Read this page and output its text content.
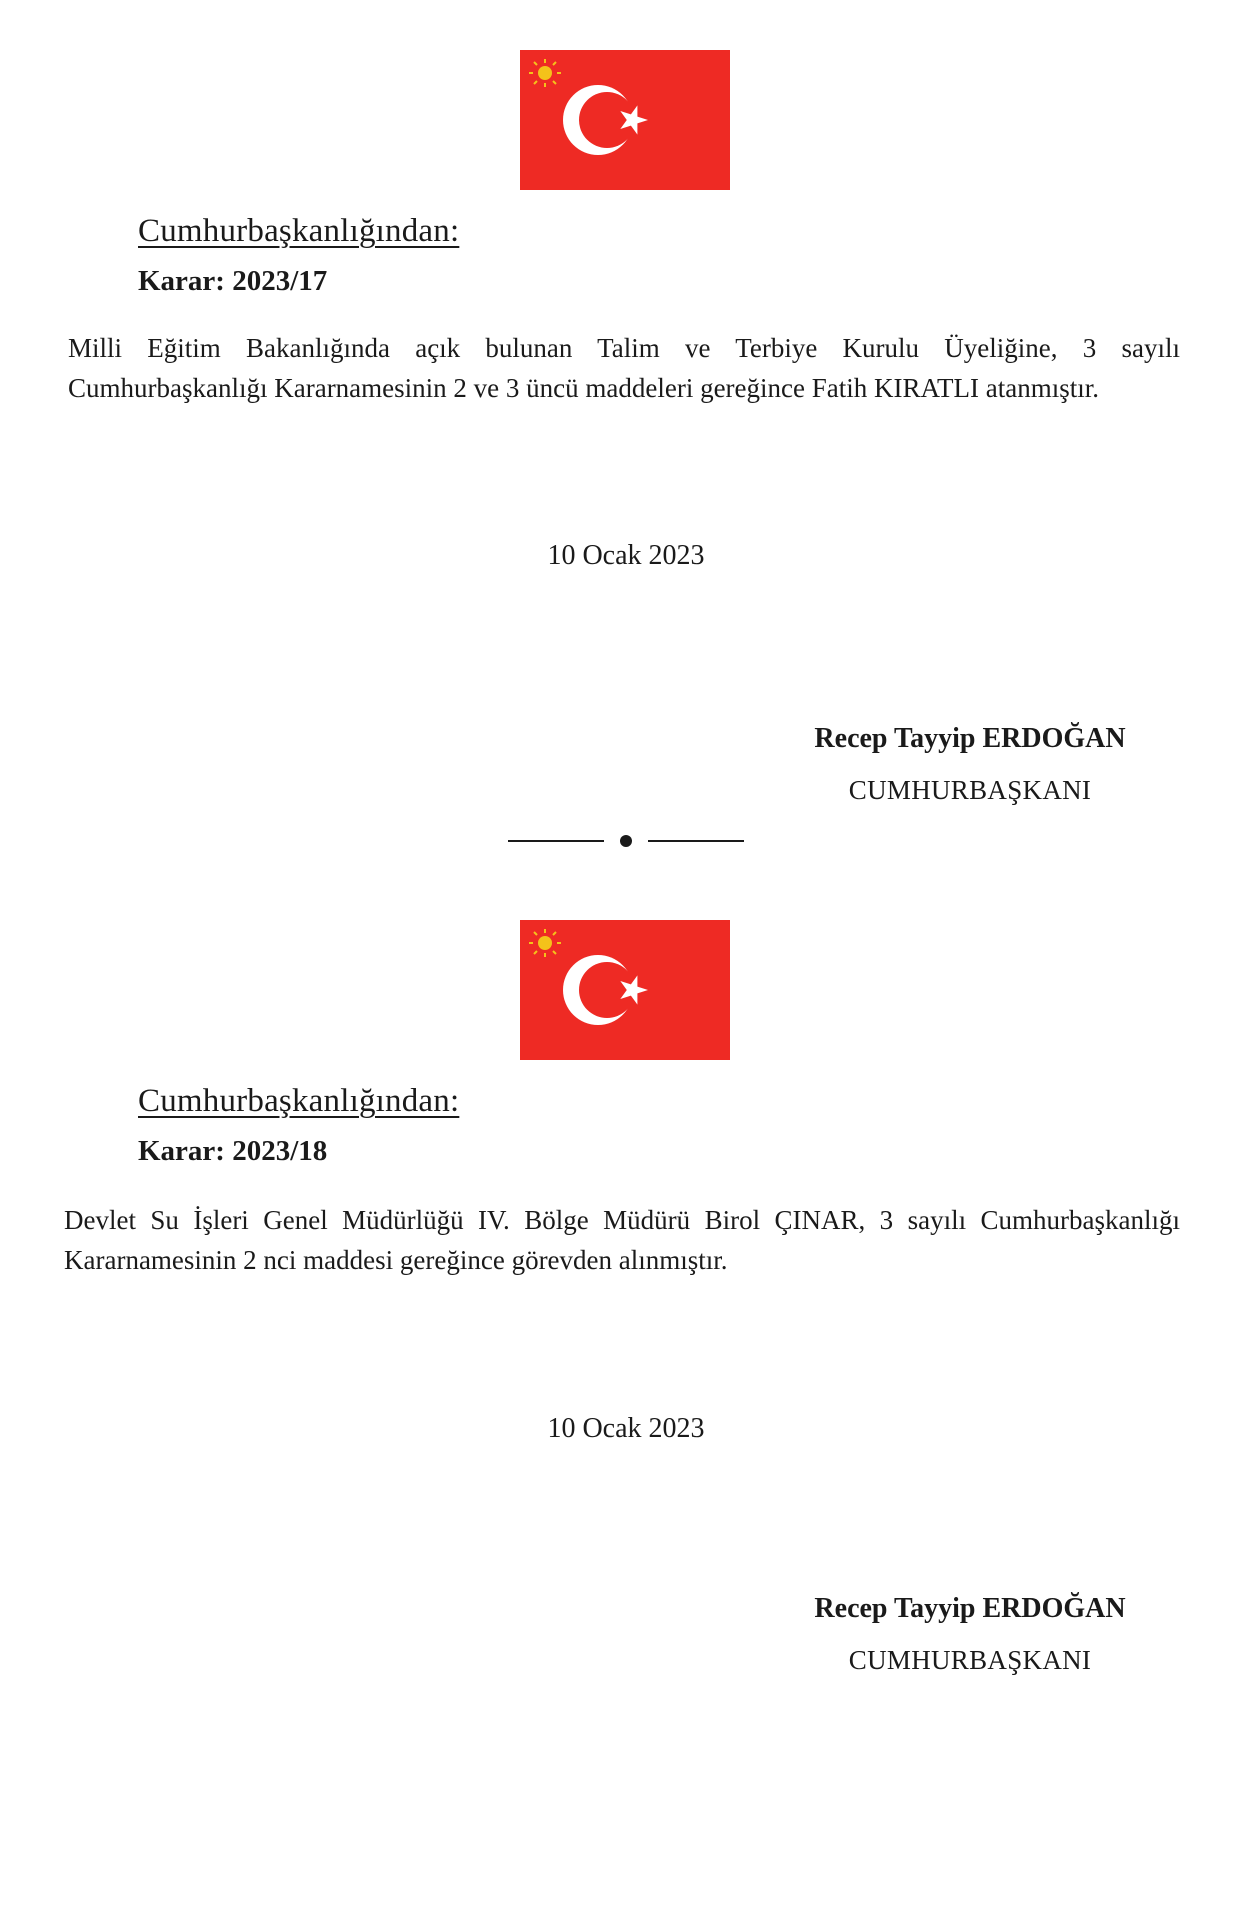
Cumhurbaşkanlığından:
Karar: 2023/17

Milli Eğitim Bakanlığında açık bulunan Talim ve Terbiye Kurulu Üyeliğine, 3 sayılı Cumhurbaşkanlığı Kararnamesinin 2 ve 3 üncü maddeleri gereğince Fatih KIRATLI atanmıştır.

10 Ocak 2023
Recep Tayyip ERDOĞAN
CUMHURBAŞKANI
Cumhurbaşkanlığından:
Karar: 2023/18

Devlet Su İşleri Genel Müdürlüğü IV. Bölge Müdürü Birol ÇINAR, 3 sayılı Cumhurbaşkanlığı Kararnamesinin 2 nci maddesi gereğince görevden alınmıştır.

10 Ocak 2023
Recep Tayyip ERDOĞAN
CUMHURBAŞKANI
